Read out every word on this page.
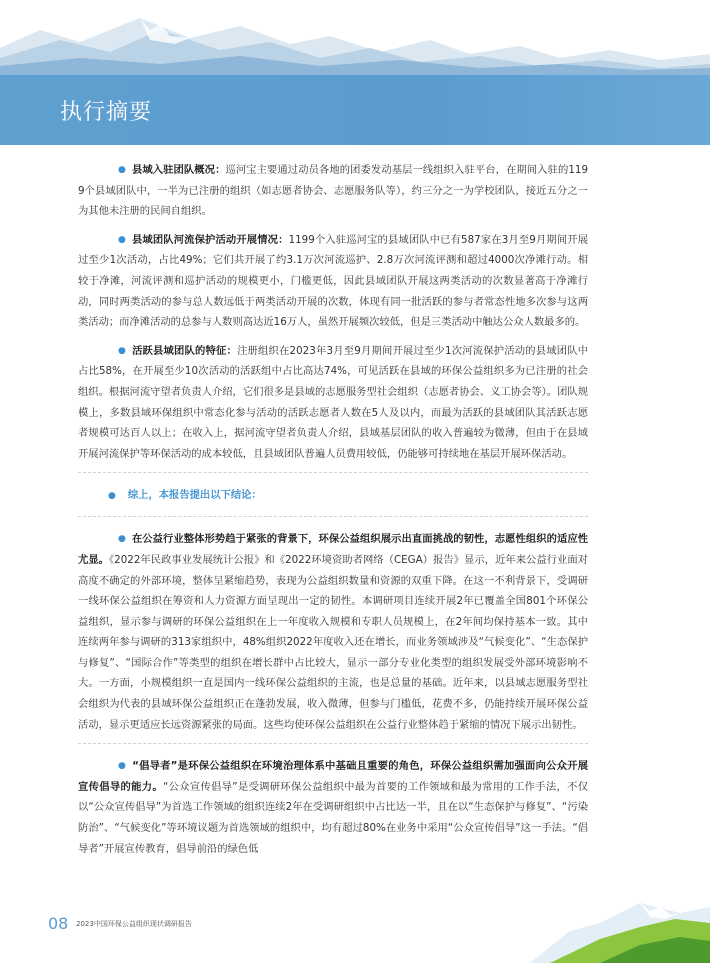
执行摘要

● 县域入驻团队概况：巡河宝主要通过动员各地的团委发动基层一线组织入驻平台，在期间入驻的1199个县域团队中，一半为已注册的组织（如志愿者协会、志愿服务队等），约三分之一为学校团队，接近五分之一为其他未注册的民间自组织。

● 县域团队河流保护活动开展情况：1199个入驻巡河宝的县域团队中已有587家在3月至9月期间开展过至少1次活动，占比49%；它们共开展了约3.1万次河流巡护、2.8万次河流评测和超过4000次净滩行动。相较于净滩，河流评测和巡护活动的规模更小，门槛更低，因此县域团队开展这两类活动的次数显著高于净滩行动，同时两类活动的参与总人数远低于两类活动开展的次数，体现有同一批活跃的参与者常态性地多次参与这两类活动；而净滩活动的总参与人数则高达近16万人，虽然开展频次较低，但是三类活动中触达公众人数最多的。

● 活跃县域团队的特征：注册组织在2023年3月至9月期间开展过至少1次河流保护活动的县域团队中占比58%，在开展至少10次活动的活跃组中占比高达74%，可见活跃在县域的环保公益组织多为已注册的社会组织。根据河流守望者负责人介绍，它们很多是县域的志愿服务型社会组织（志愿者协会、义工协会等）。团队规模上，多数县域环保组织中常态化参与活动的活跃志愿者人数在5人及以内，而最为活跃的县域团队其活跃志愿者规模可达百人以上；在收入上，据河流守望者负责人介绍，县域基层团队的收入普遍较为微薄，但由于在县域开展河流保护等环保活动的成本较低，且县域团队普遍人员费用较低，仍能够可持续地在基层开展环保活动。

● 综上，本报告提出以下结论：

● 在公益行业整体形势趋于紧张的背景下，环保公益组织展示出直面挑战的韧性，志愿性组织的适应性尤显。《2022年民政事业发展统计公报》和《2022环境资助者网络（CEGA）报告》显示，近年来公益行业面对高度不确定的外部环境，整体呈紧缩趋势，表现为公益组织数量和资源的双重下降。在这一不利背景下，受调研一线环保公益组织在筹资和人力资源方面呈现出一定的韧性。本调研项目连续开展2年已覆盖全国801个环保公益组织，显示参与调研的环保公益组织在上一年度收入规模和专职人员规模上，在2年间均保持基本一致。其中连续两年参与调研的313家组织中，48%组织2022年度收入还在增长，而业务领域涉及“气候变化”、“生态保护与修复”、“国际合作”等类型的组织在增长群中占比较大，显示一部分专业化类型的组织发展受外部环境影响不大。一方面，小规模组织一直是国内一线环保公益组织的主流，也是总量的基础。近年来，以县域志愿服务型社会组织为代表的县域环保公益组织正在蓬勃发展，收入微薄，但参与门槛低，花费不多，仍能持续开展环保公益活动，显示更适应长远资源紧张的局面。这些均使环保公益组织在公益行业整体趋于紧缩的情况下展示出韧性。

● “倡导者”是环保公益组织在环境治理体系中基础且重要的角色，环保公益组织需加强面向公众开展宣传倡导的能力。“公众宣传倡导”是受调研环保公益组织中最为首要的工作领域和最为常用的工作手法，不仅以“公众宣传倡导”为首选工作领域的组织连续2年在受调研组织中占比达一半，且在以“生态保护与修复”、“污染防治”、“气候变化”等环境议题为首选领域的组织中，均有超过80%在业务中采用“公众宣传倡导”这一手法。“倡导者”开展宣传教育，倡导前沿的绿色低

08 2023中国环保公益组织现状调研报告
